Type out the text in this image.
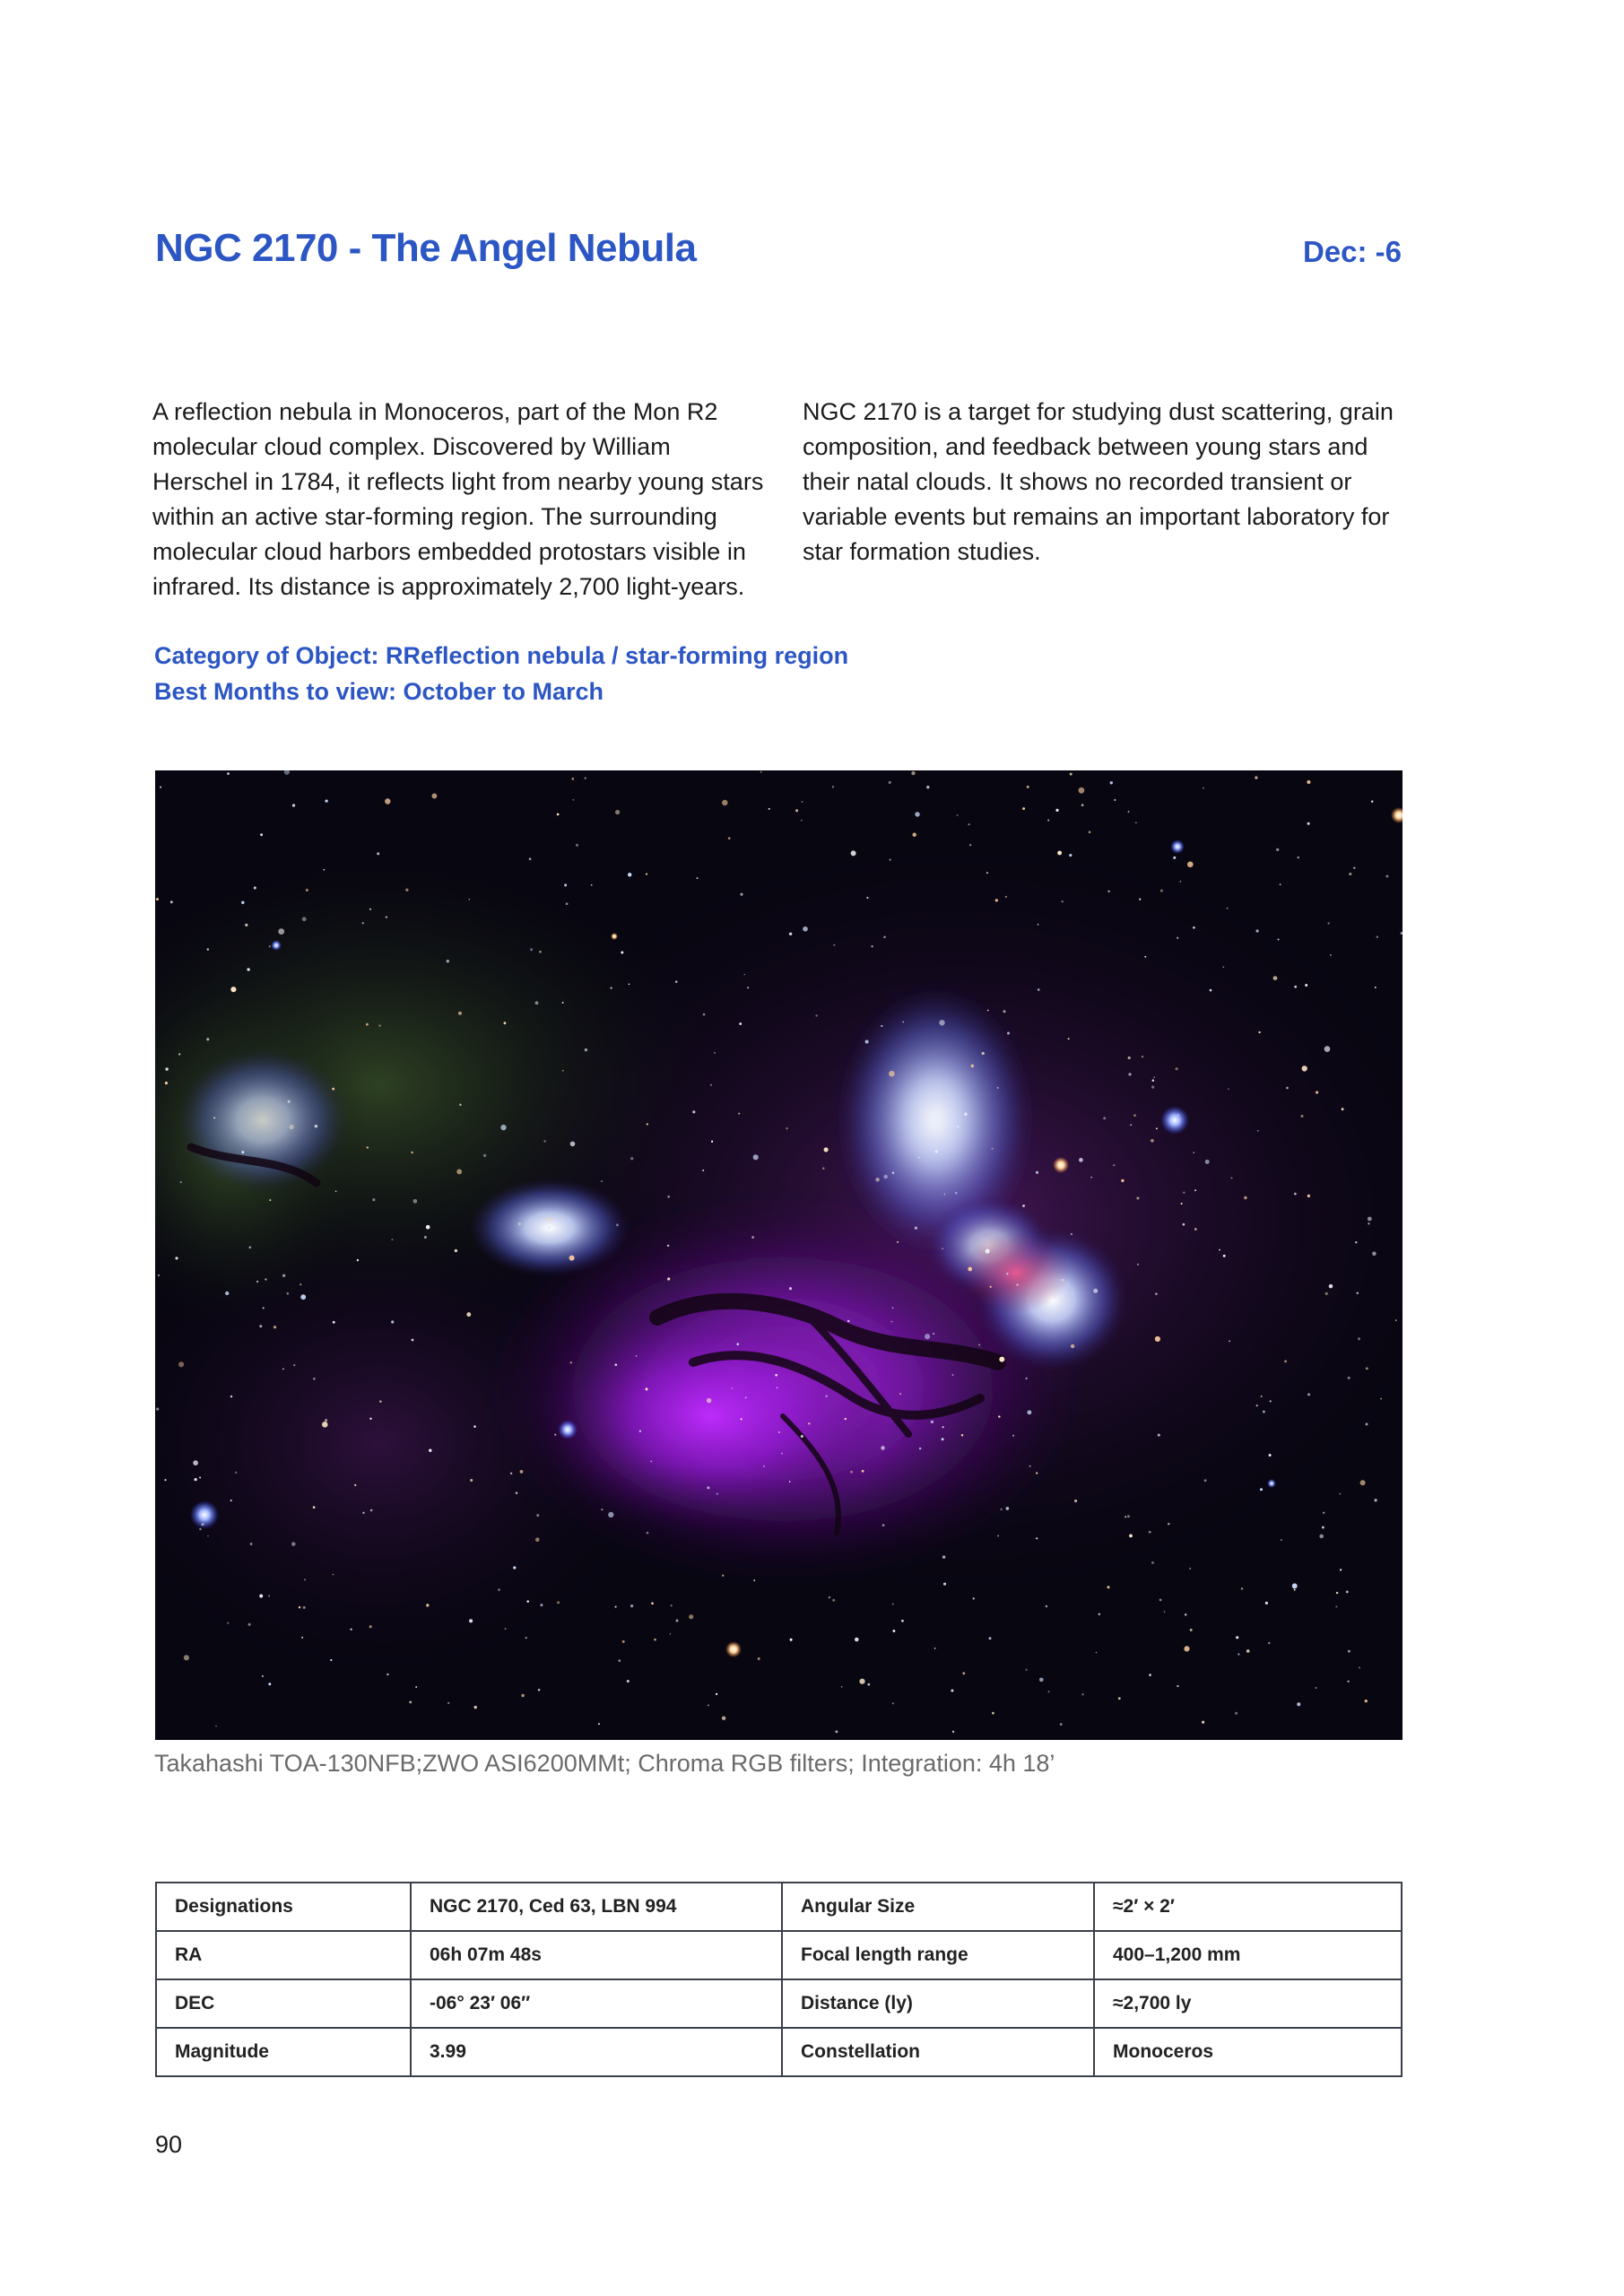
NGC 2170 - The Angel Nebula	Dec: -6
A reflection nebula in Monoceros, part of the Mon R2 molecular cloud complex. Discovered by William Herschel in 1784, it reflects light from nearby young stars within an active star-forming region. The surrounding molecular cloud harbors embedded protostars visible in infrared. Its distance is approximately 2,700 light-years.
NGC 2170 is a target for studying dust scattering, grain composition, and feedback between young stars and their natal clouds. It shows no recorded transient or variable events but remains an important laboratory for star formation studies.
Category of Object: RReflection nebula / star-forming region
Best Months to view: October to March
Takahashi TOA-130NFB;ZWO ASI6200MMt; Chroma RGB filters; Integration: 4h 18’
Designations	NGC 2170, Ced 63, LBN 994	Angular Size	≈2′ × 2′
RA	06h 07m 48s	Focal length range	400–1,200 mm
DEC	-06° 23′ 06″	Distance (ly)	≈2,700 ly
Magnitude	3.99	Constellation	Monoceros
90
